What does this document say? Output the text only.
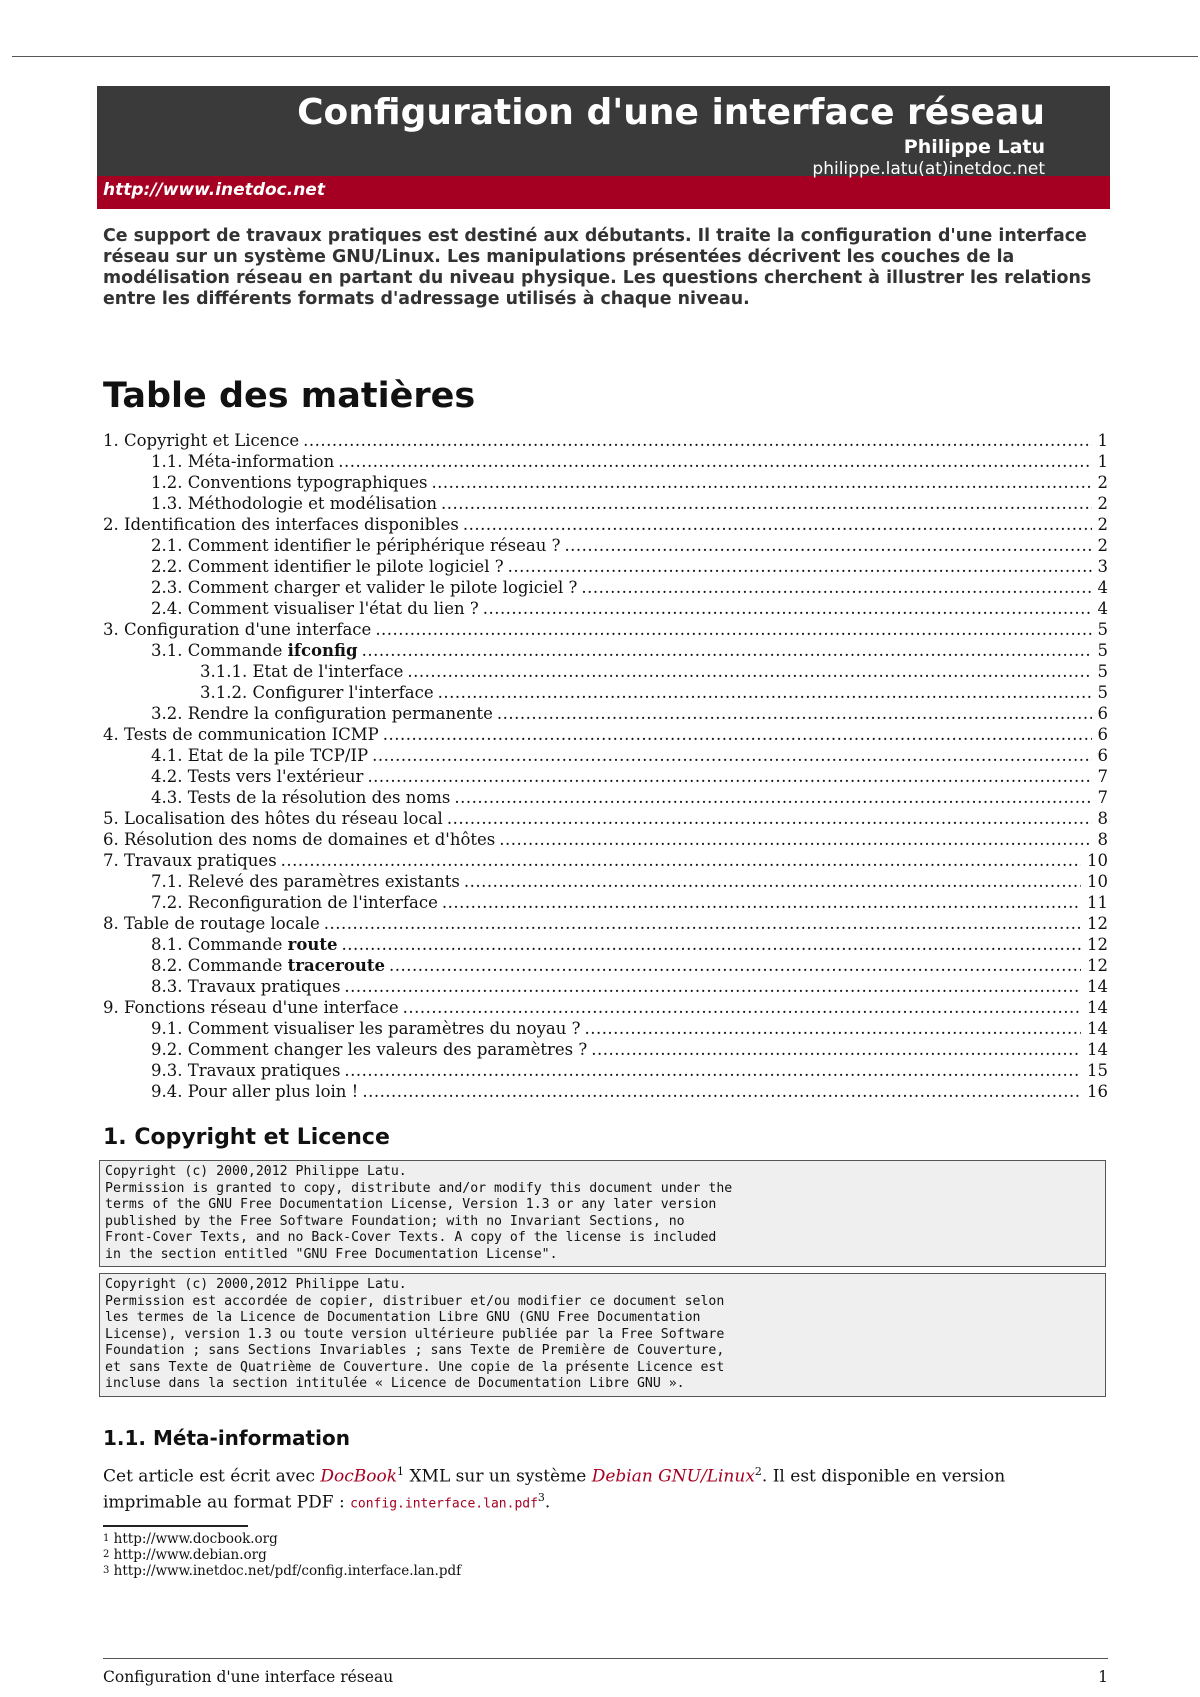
Configuration d'une interface réseau
Philippe Latu
philippe.latu(at)inetdoc.net
http://www.inetdoc.net
Ce support de travaux pratiques est destiné aux débutants. Il traite la configuration d'une interface réseau sur un système GNU/Linux. Les manipulations présentées décrivent les couches de la modélisation réseau en partant du niveau physique. Les questions cherchent à illustrer les relations entre les différents formats d'adressage utilisés à chaque niveau.
Table des matières
1. Copyright et Licence .....	1
1.1. Méta-information .....	1
1.2. Conventions typographiques .....	2
1.3. Méthodologie et modélisation .....	2
2. Identification des interfaces disponibles .....	2
2.1. Comment identifier le périphérique réseau ? .....	2
2.2. Comment identifier le pilote logiciel ? .....	3
2.3. Comment charger et valider le pilote logiciel ? .....	4
2.4. Comment visualiser l'état du lien ? .....	4
3. Configuration d'une interface .....	5
3.1. Commande ifconfig .....	5
3.1.1. Etat de l'interface .....	5
3.1.2. Configurer l'interface .....	5
3.2. Rendre la configuration permanente .....	6
4. Tests de communication ICMP .....	6
4.1. Etat de la pile TCP/IP .....	6
4.2. Tests vers l'extérieur .....	7
4.3. Tests de la résolution des noms .....	7
5. Localisation des hôtes du réseau local .....	8
6. Résolution des noms de domaines et d'hôtes .....	8
7. Travaux pratiques .....	10
7.1. Relevé des paramètres existants .....	10
7.2. Reconfiguration de l'interface .....	11
8. Table de routage locale .....	12
8.1. Commande route .....	12
8.2. Commande traceroute .....	12
8.3. Travaux pratiques .....	14
9. Fonctions réseau d'une interface .....	14
9.1. Comment visualiser les paramètres du noyau ? .....	14
9.2. Comment changer les valeurs des paramètres ? .....	14
9.3. Travaux pratiques .....	15
9.4. Pour aller plus loin ! .....	16
1. Copyright et Licence
Copyright (c) 2000,2012 Philippe Latu.
Permission is granted to copy, distribute and/or modify this document under the
terms of the GNU Free Documentation License, Version 1.3 or any later version
published by the Free Software Foundation; with no Invariant Sections, no
Front-Cover Texts, and no Back-Cover Texts. A copy of the license is included
in the section entitled "GNU Free Documentation License".
Copyright (c) 2000,2012 Philippe Latu.
Permission est accordée de copier, distribuer et/ou modifier ce document selon
les termes de la Licence de Documentation Libre GNU (GNU Free Documentation
License), version 1.3 ou toute version ultérieure publiée par la Free Software
Foundation ; sans Sections Invariables ; sans Texte de Première de Couverture,
et sans Texte de Quatrième de Couverture. Une copie de la présente Licence est
incluse dans la section intitulée « Licence de Documentation Libre GNU ».
1.1. Méta-information
Cet article est écrit avec DocBook$^1$ XML sur un système Debian GNU/Linux$^2$. Il est disponible en version imprimable au format PDF : config.interface.lan.pdf$^3$.
$^1$ http://www.docbook.org
$^2$ http://www.debian.org
$^3$ http://www.inetdoc.net/pdf/config.interface.lan.pdf
Configuration d'une interface réseau	1
